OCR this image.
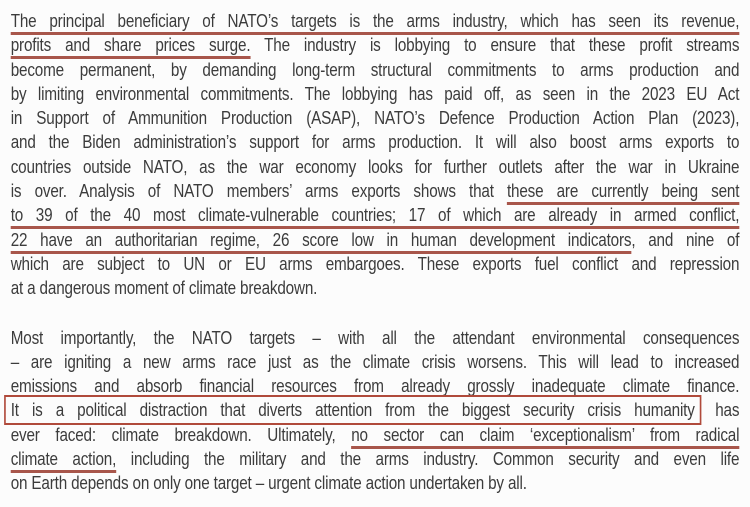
The principal beneficiary of NATO’s targets is the arms industry, which has seen its revenue,
profits and share prices surge. The industry is lobbying to ensure that these profit streams
become permanent, by demanding long-term structural commitments to arms production and
by limiting environmental commitments. The lobbying has paid off, as seen in the 2023 EU Act
in Support of Ammunition Production (ASAP), NATO’s Defence Production Action Plan (2023),
and the Biden administration’s support for arms production. It will also boost arms exports to
countries outside NATO, as the war economy looks for further outlets after the war in Ukraine
is over. Analysis of NATO members’ arms exports shows that these are currently being sent
to 39 of the 40 most climate-vulnerable countries; 17 of which are already in armed conflict,
22 have an authoritarian regime, 26 score low in human development indicators, and nine of
which are subject to UN or EU arms embargoes. These exports fuel conflict and repression
at a dangerous moment of climate breakdown.
Most importantly, the NATO targets – with all the attendant environmental consequences
– are igniting a new arms race just as the climate crisis worsens. This will lead to increased
emissions and absorb financial resources from already grossly inadequate climate finance.
It is a political distraction that diverts attention from the biggest security crisis humanity has
ever faced: climate breakdown. Ultimately, no sector can claim ‘exceptionalism’ from radical
climate action, including the military and the arms industry. Common security and even life
on Earth depends on only one target – urgent climate action undertaken by all.
